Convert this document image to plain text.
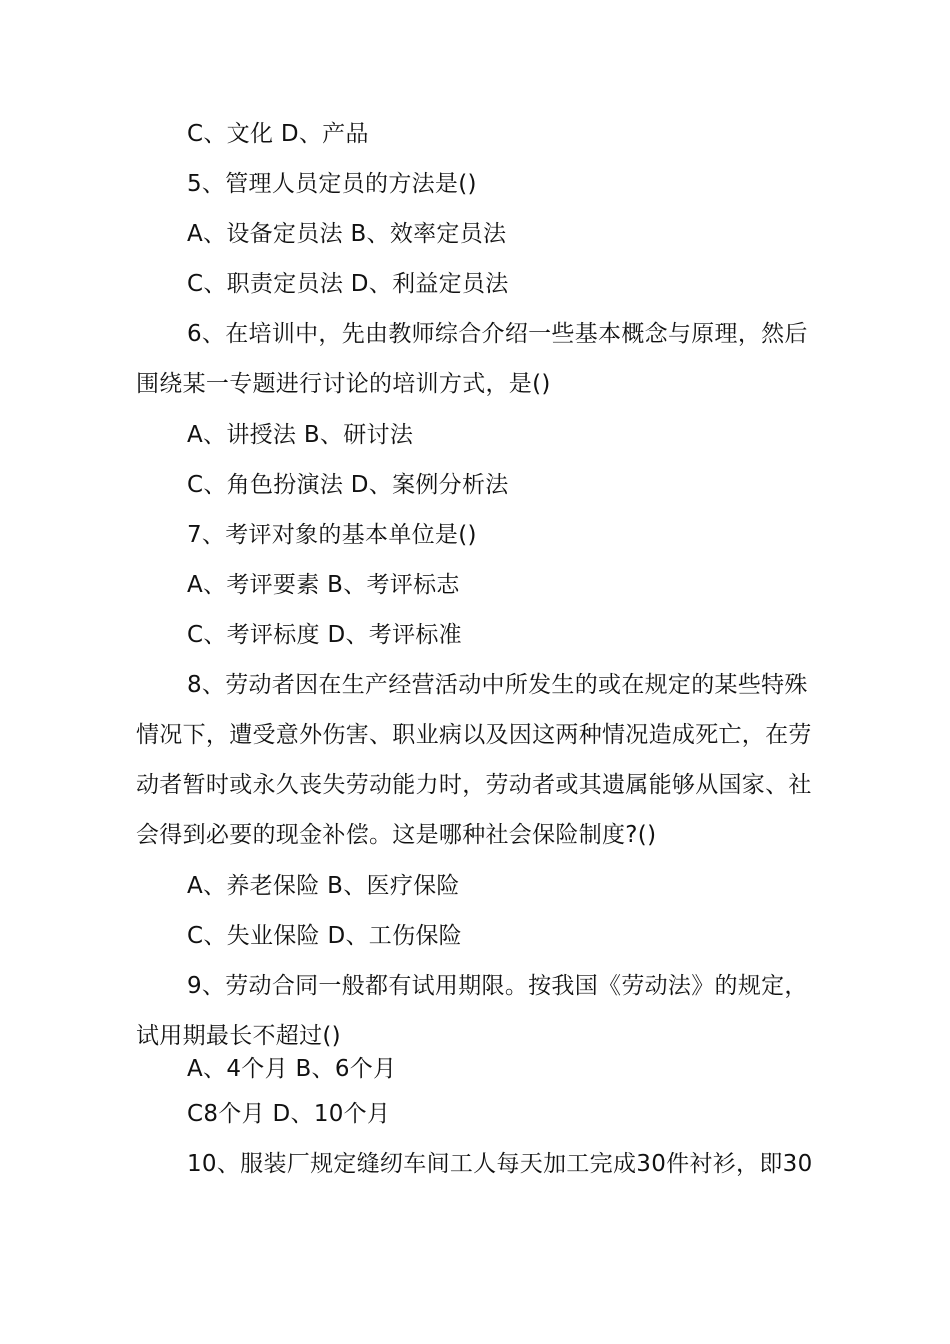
C、文化 D、产品
5、管理人员定员的方法是()
A、设备定员法 B、效率定员法
C、职责定员法 D、利益定员法
6、在培训中，先由教师综合介绍一些基本概念与原理，然后
围绕某一专题进行讨论的培训方式，是()
A、讲授法 B、研讨法
C、角色扮演法 D、案例分析法
7、考评对象的基本单位是()
A、考评要素 B、考评标志
C、考评标度 D、考评标准
8、劳动者因在生产经营活动中所发生的或在规定的某些特殊
情况下，遭受意外伤害、职业病以及因这两种情况造成死亡，在劳
动者暂时或永久丧失劳动能力时，劳动者或其遗属能够从国家、社
会得到必要的现金补偿。这是哪种社会保险制度?()
A、养老保险 B、医疗保险
C、失业保险 D、工伤保险
9、劳动合同一般都有试用期限。按我国《劳动法》的规定，
试用期最长不超过()
A、4个月 B、6个月
C8个月 D、10个月
10、服装厂规定缝纫车间工人每天加工完成30件衬衫，即30
